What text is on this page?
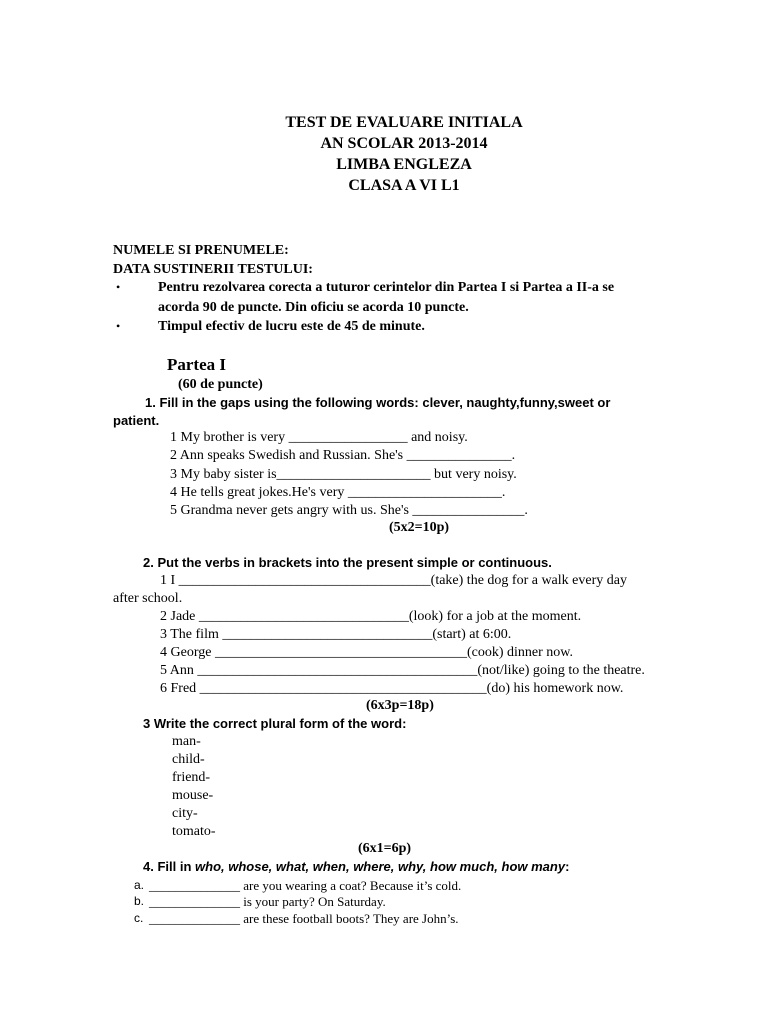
TEST DE EVALUARE INITIALA
AN SCOLAR 2013-2014
LIMBA ENGLEZA
CLASA A VI L1
NUMELE SI PRENUMELE:
DATA SUSTINERII TESTULUI:
•	Pentru rezolvarea corecta a tuturor cerintelor din Partea I si Partea a II-a se
acorda 90 de puncte. Din oficiu se acorda 10 puncte.
•	Timpul efectiv de lucru este de 45 de minute.
Partea I
(60 de puncte)
1. Fill in the gaps using the following words: clever, naughty,funny,sweet or
patient.
1 My brother is very _________________ and noisy.
2 Ann speaks Swedish and Russian. She's _______________.
3 My baby sister is______________________ but very noisy.
4 He tells great jokes.He's very ______________________.
5 Grandma never gets angry with us. She's ________________.
(5x2=10p)
2. Put the verbs in brackets into the present simple or continuous.
1 I ____________________________________(take) the dog for a walk every day
after school.
2 Jade ______________________________(look) for a job at the moment.
3 The film ______________________________(start) at 6:00.
4 George ____________________________________(cook) dinner now.
5 Ann ________________________________________(not/like) going to the theatre.
6 Fred _________________________________________(do) his homework now.
(6x3p=18p)
3 Write the correct plural form of the word:
man-
child-
friend-
mouse-
city-
tomato-
(6x1=6p)
4. Fill in who, whose, what, when, where, why, how much, how many:
a. ______________ are you wearing a coat? Because it’s cold.
b. ______________ is your party? On Saturday.
c. ______________ are these football boots? They are John’s.
